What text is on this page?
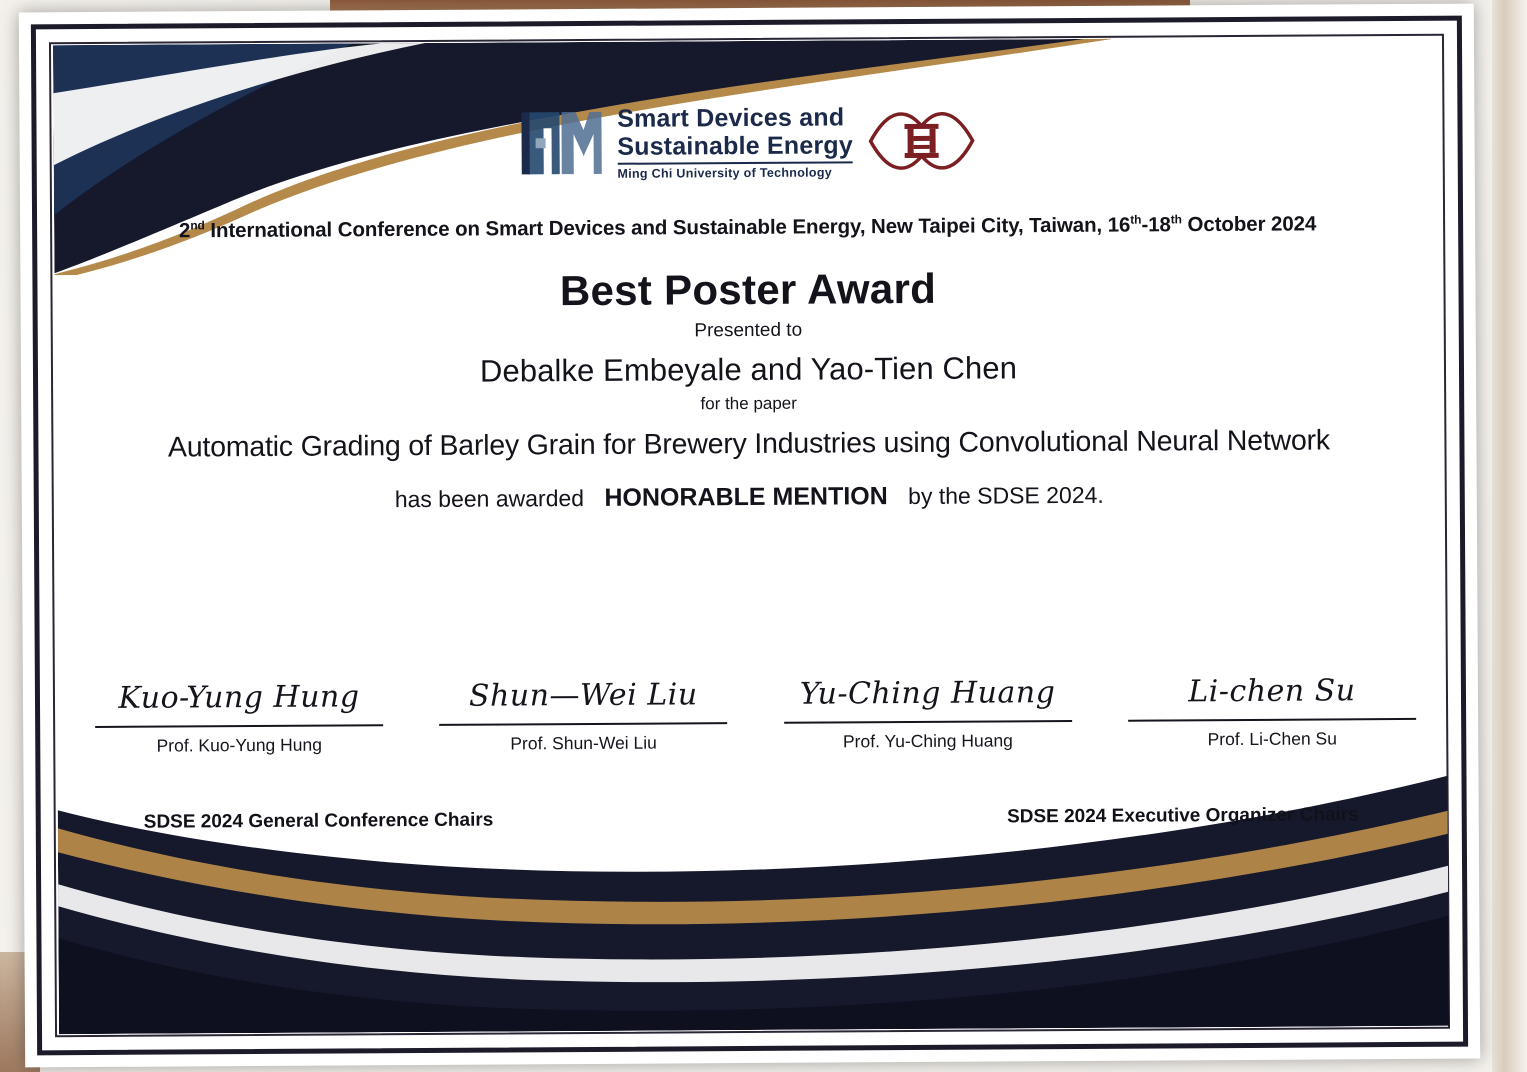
Smart Devices and
Sustainable Energy
Ming Chi University of Technology
2nd International Conference on Smart Devices and Sustainable Energy, New Taipei City, Taiwan, 16th-18th October 2024
Best Poster Award
Presented to
Debalke Embeyale and Yao-Tien Chen
for the paper
Automatic Grading of Barley Grain for Brewery Industries using Convolutional Neural Network
has been awarded HONORABLE MENTION by the SDSE 2024.
Kuo-Yung Hung
Prof. Kuo-Yung Hung
Shun—Wei Liu
Prof. Shun-Wei Liu
Yu-Ching Huang
Prof. Yu-Ching Huang
Li-chen Su
Prof. Li-Chen Su
SDSE 2024 General Conference Chairs	SDSE 2024 Executive Organizer Chairs
